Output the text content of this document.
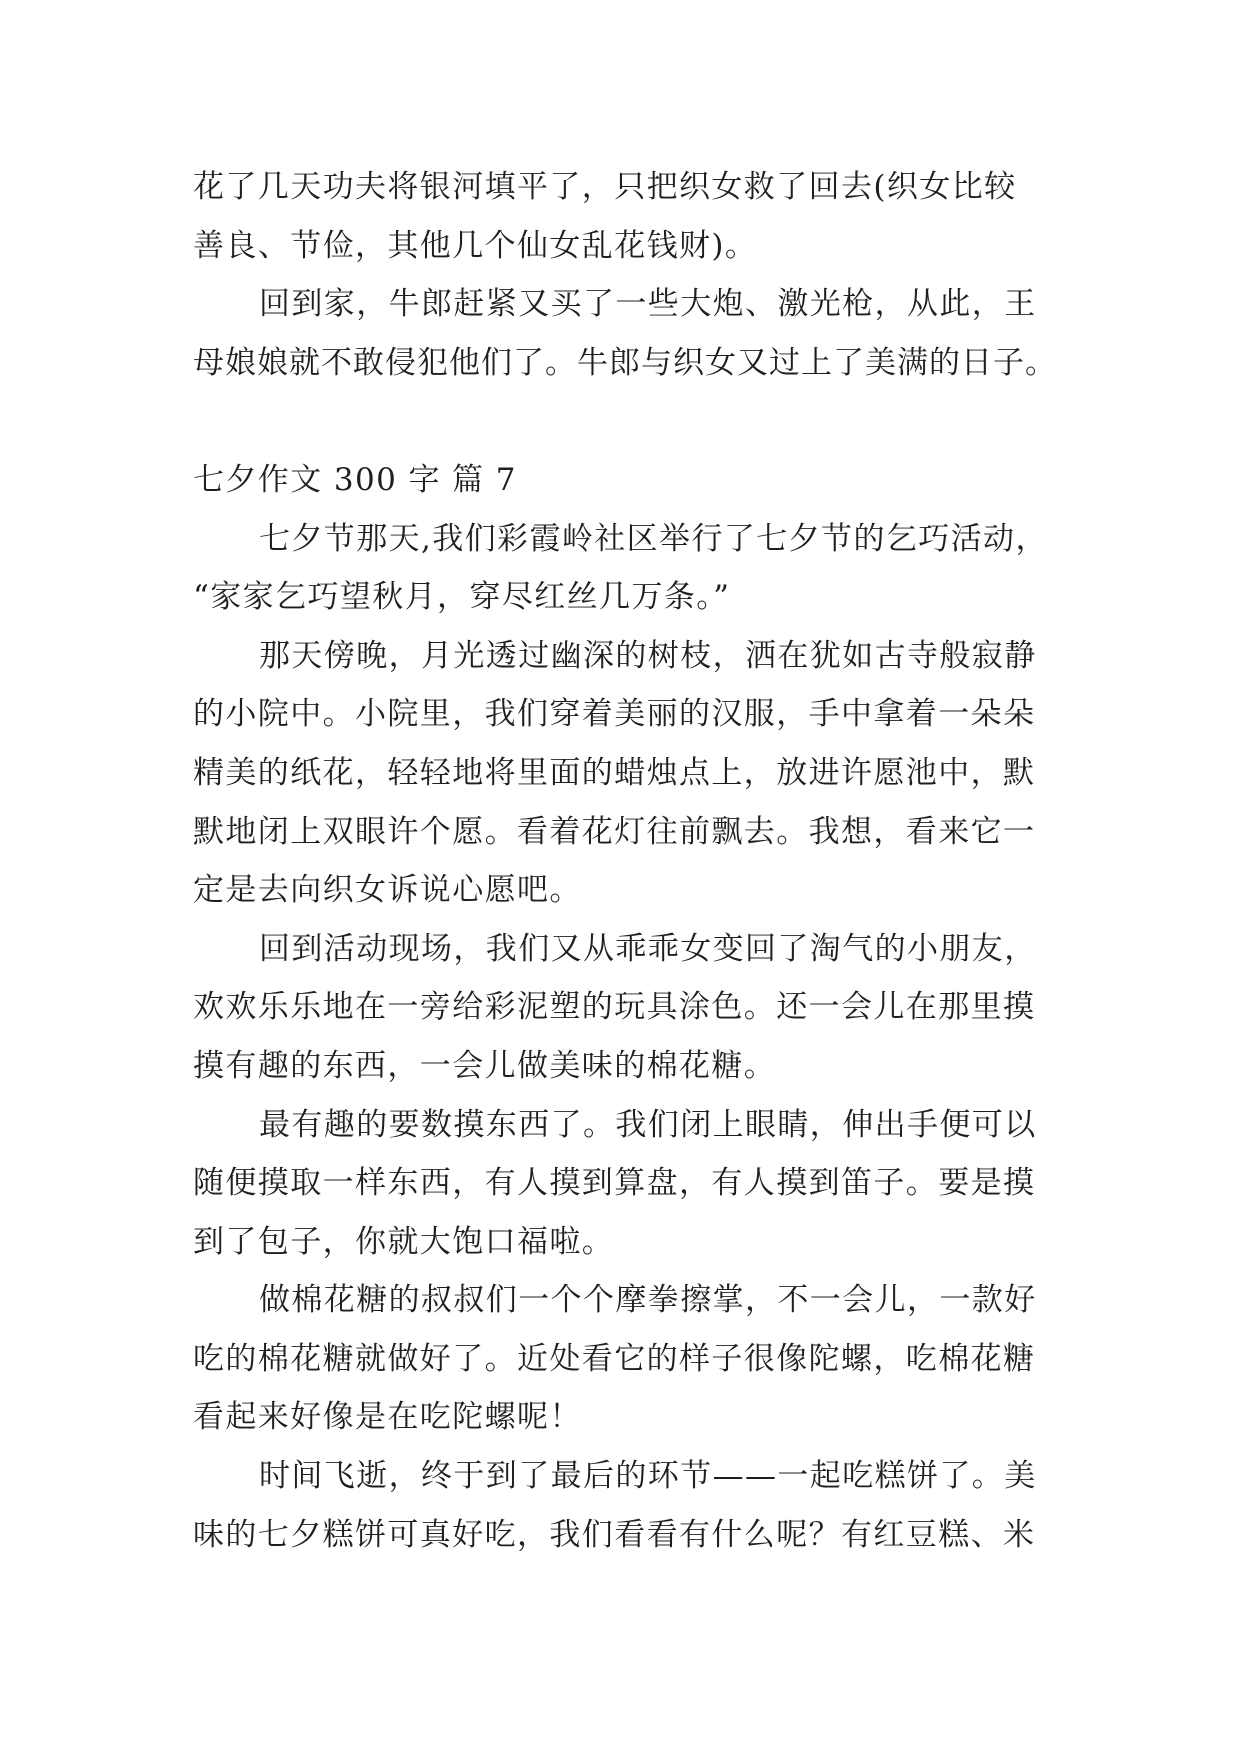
花了几天功夫将银河填平了，只把织女救了回去(织女比较
善良、节俭，其他几个仙女乱花钱财)。
回到家，牛郎赶紧又买了一些大炮、激光枪，从此，王
母娘娘就不敢侵犯他们了。牛郎与织女又过上了美满的日子。
七夕作文 300 字 篇 7
七夕节那天,我们彩霞岭社区举行了七夕节的乞巧活动，
“家家乞巧望秋月，穿尽红丝几万条。”
那天傍晚，月光透过幽深的树枝，洒在犹如古寺般寂静
的小院中。小院里，我们穿着美丽的汉服，手中拿着一朵朵
精美的纸花，轻轻地将里面的蜡烛点上，放进许愿池中，默
默地闭上双眼许个愿。看着花灯往前飘去。我想，看来它一
定是去向织女诉说心愿吧。
回到活动现场，我们又从乖乖女变回了淘气的小朋友，
欢欢乐乐地在一旁给彩泥塑的玩具涂色。还一会儿在那里摸
摸有趣的东西，一会儿做美味的棉花糖。
最有趣的要数摸东西了。我们闭上眼睛，伸出手便可以
随便摸取一样东西，有人摸到算盘，有人摸到笛子。要是摸
到了包子，你就大饱口福啦。
做棉花糖的叔叔们一个个摩拳擦掌，不一会儿，一款好
吃的棉花糖就做好了。近处看它的样子很像陀螺，吃棉花糖
看起来好像是在吃陀螺呢！
时间飞逝，终于到了最后的环节——一起吃糕饼了。美
味的七夕糕饼可真好吃，我们看看有什么呢？有红豆糕、米
